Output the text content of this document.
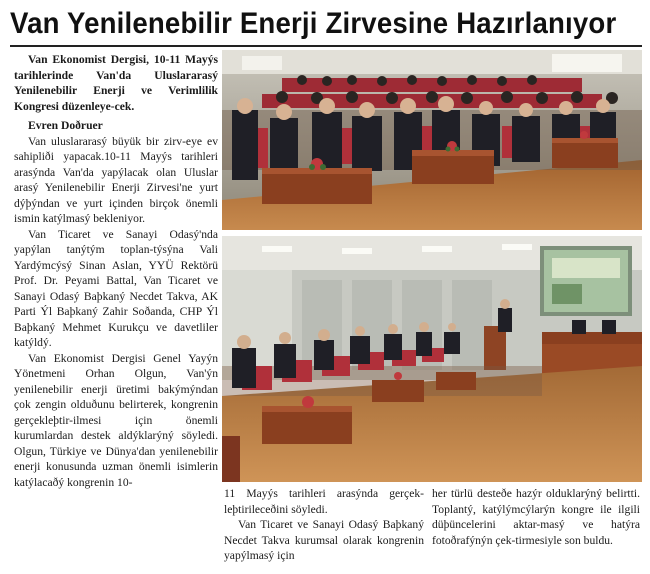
Van Yenilenebilir Enerji Zirvesine Hazırlanıyor

Van Ekonomist Dergisi, 10-11 Mayýs tarihlerinde Van'da Uluslararasý Yenilenebilir Enerji ve Verimlilik Kongresi düzenleye-cek.

Evren Doðruer

Van uluslararasý büyük bir zirv-eye ev sahipliði yapacak.10-11 Mayýs tarihleri arasýnda Van'da yapýlacak olan Uluslar arasý Yenilenebilir Enerji Zirvesi'ne yurt dýþýndan ve yurt içinden birçok önemli ismin katýlmasý bekleniyor.

Van Ticaret ve Sanayi Odasý'nda yapýlan tanýtým toplan-týsýna Vali Yardýmcýsý Sinan Aslan, YYÜ Rektörü Prof. Dr. Peyami Battal, Van Ticaret ve Sanayi Odasý Baþkaný Necdet Takva, AK Parti Ýl Baþkaný Zahir Soðanda, CHP Ýl Baþkaný Mehmet Kurukçu ve davetliler katýldý.

Van Ekonomist Dergisi Genel Yayýn Yönetmeni Orhan Olgun, Van'ýn yenilenebilir enerji üretimi bakýmýndan çok zengin olduðunu belirterek, kongrenin gerçekleþtir-ilmesi için önemli kurumlardan destek aldýklarýný söyledi. Olgun, Türkiye ve Dünya'dan yenilenebilir enerji konusunda uzman önemli isimlerin katýlacaðý kongrenin 10-

11 Mayýs tarihleri arasýnda gerçek-leþtirileceðini söyledi.

Van Ticaret ve Sanayi Odasý Baþkaný Necdet Takva kurumsal olarak kongrenin yapýlmasý için

her türlü desteðe hazýr olduklarýný belirtti. Toplantý, katýlýmcýlarýn kongre ile ilgili düþüncelerini aktar-masý ve hatýra fotoðrafýnýn çek-tirmesiyle son buldu.
